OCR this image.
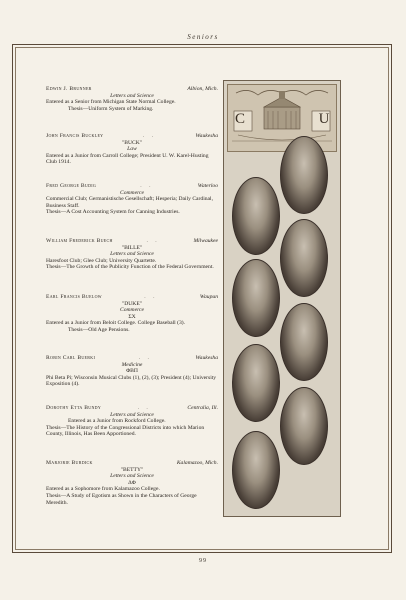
Seniors
Edwin J. Brunner	Albion, Mich.
Letters and Science
Entered as a Senior from Michigan State Normal College.
Thesis—Uniform System of Marking.
John Francis Buckley	. .	Waukesha
"BUCK"
Law
Entered as a Junior from Carroll College; President U. W. Karel-Husting Club 1914.
Fred George Budig	. .	Waterloo
Commerce
Commercial Club; Germanistische Gesellschaft; Hesperia; Daily Cardinal, Business Staff.
Thesis—A Cost Accounting System for Canning Industries.
William Frederick Buech	. .	Milwaukee
"BILLE"
Letters and Science
Haresfoot Club; Glee Club; University Quartette.
Thesis—The Growth of the Publicity Function of the Federal Government.
Earl Francis Buelow	. .	Waupun
"DUKE"
Commerce
ΣX
Entered as a Junior from Beloit College. College Baseball (3).
Thesis—Old Age Pensions.
Robin Carl Buerki	. .	Waukesha
Medicine
ΦΒΠ
Phi Beta Pi; Wisconsin Musical Clubs (1), (2), (3); President (4); University Exposition (4).
Dorothy Etta Bundy	. .	Centralia, Ill.
Letters and Science
Entered as a Junior from Rockford College.
Thesis—The History of the Congressional Districts into which Marion County, Illinois, Has Been Apportioned.
Marjorie Burdick	Kalamazoo, Mich.
"BETTY"
Letters and Science
ΔΦ
Entered as a Sophomore from Kalamazoo College.
Thesis—A Study of Egotism as Shown in the Characters of George Meredith.
C	U
99
